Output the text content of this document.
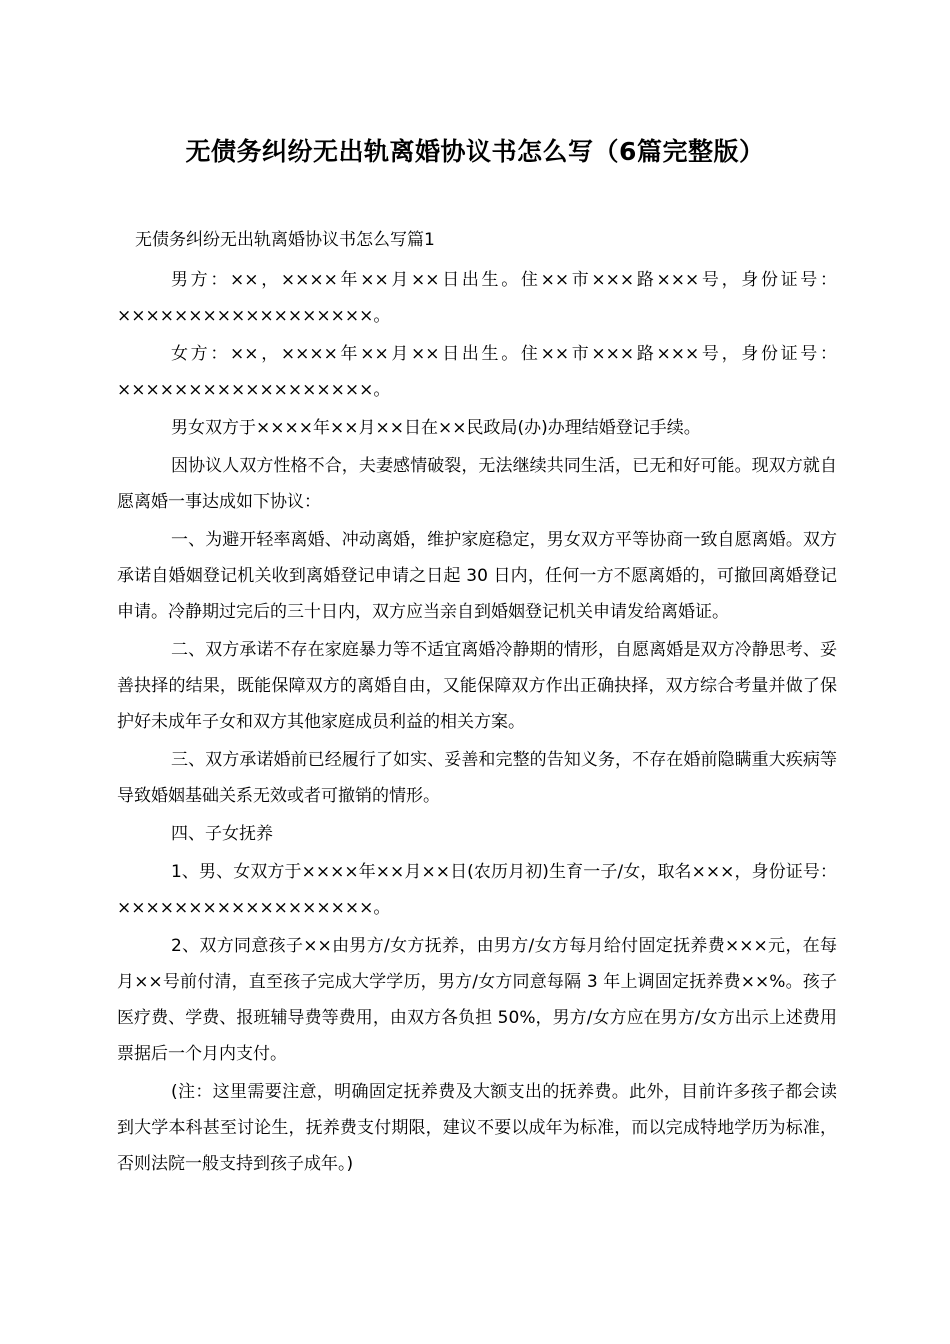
无债务纠纷无出轨离婚协议书怎么写（6篇完整版）
无债务纠纷无出轨离婚协议书怎么写篇1

男方：××，××××年××月××日出生。住××市×××路×××号，身份证号：××××××××××××××××××。

女方：××，××××年××月××日出生。住××市×××路×××号，身份证号：××××××××××××××××××。

男女双方于××××年××月××日在××民政局(办)办理结婚登记手续。

因协议人双方性格不合，夫妻感情破裂，无法继续共同生活，已无和好可能。现双方就自愿离婚一事达成如下协议：

一、为避开轻率离婚、冲动离婚，维护家庭稳定，男女双方平等协商一致自愿离婚。双方承诺自婚姻登记机关收到离婚登记申请之日起 30 日内，任何一方不愿离婚的，可撤回离婚登记申请。冷静期过完后的三十日内，双方应当亲自到婚姻登记机关申请发给离婚证。

二、双方承诺不存在家庭暴力等不适宜离婚冷静期的情形，自愿离婚是双方冷静思考、妥善抉择的结果，既能保障双方的离婚自由，又能保障双方作出正确抉择，双方综合考量并做了保护好未成年子女和双方其他家庭成员利益的相关方案。

三、双方承诺婚前已经履行了如实、妥善和完整的告知义务，不存在婚前隐瞒重大疾病等导致婚姻基础关系无效或者可撤销的情形。

四、子女抚养

1、男、女双方于××××年××月××日(农历月初)生育一子/女，取名×××，身份证号：××××××××××××××××××。

2、双方同意孩子××由男方/女方抚养，由男方/女方每月给付固定抚养费×××元，在每月××号前付清，直至孩子完成大学学历，男方/女方同意每隔 3 年上调固定抚养费××%。孩子医疗费、学费、报班辅导费等费用，由双方各负担 50%，男方/女方应在男方/女方出示上述费用票据后一个月内支付。

(注：这里需要注意，明确固定抚养费及大额支出的抚养费。此外，目前许多孩子都会读到大学本科甚至讨论生，抚养费支付期限，建议不要以成年为标准，而以完成特地学历为标准，否则法院一般支持到孩子成年。)
